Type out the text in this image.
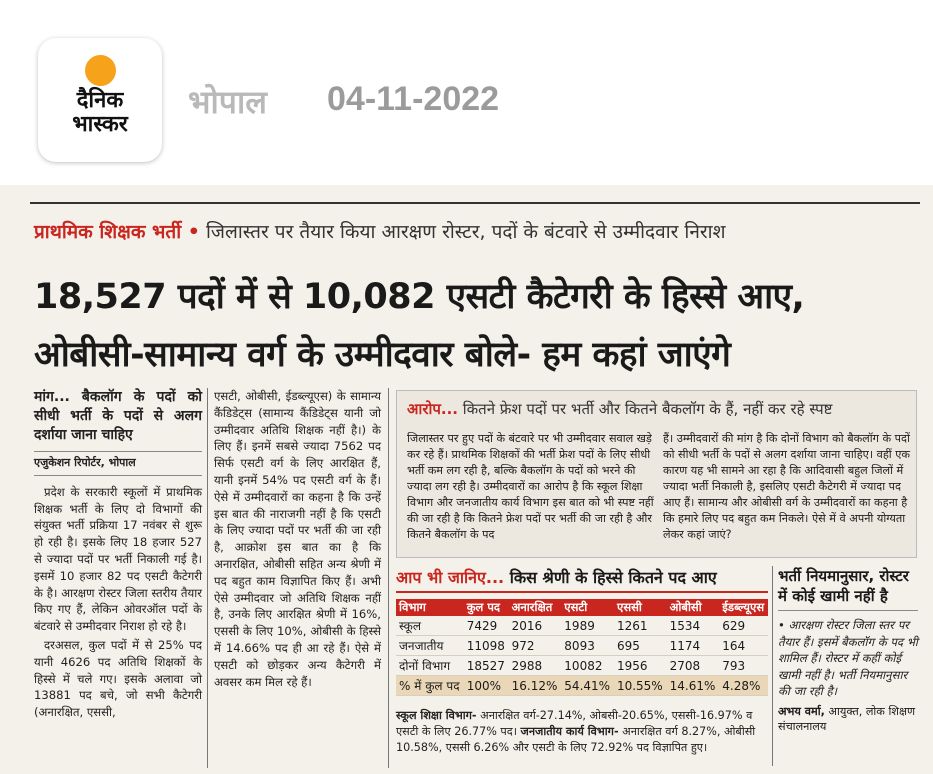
दैनिक
भास्कर
भोपाल 04-11-2022
प्राथमिक शिक्षक भर्ती • जिलास्तर पर तैयार किया आरक्षण रोस्टर, पदों के बंटवारे से उम्मीदवार निराश
18,527 पदों में से 10,082 एसटी कैटेगरी के हिस्से आए,
ओबीसी-सामान्य वर्ग के उम्मीदवार बोले- हम कहां जाएंगे
मांग... बैकलॉग के पदों को सीधी भर्ती के पदों से अलग दर्शाया जाना चाहिए
एजुकेशन रिपोर्टर, भोपाल

प्रदेश के सरकारी स्कूलों में प्राथमिक शिक्षक भर्ती के लिए दो विभागों की संयुक्त भर्ती प्रक्रिया 17 नवंबर से शुरू हो रही है। इसके लिए 18 हजार 527 से ज्यादा पदों पर भर्ती निकाली गई है। इसमें 10 हजार 82 पद एसटी कैटेगरी के है। आरक्षण रोस्टर जिला स्तरीय तैयार किए गए हैं, लेकिन ओवरऑल पदों के बंटवारे से उम्मीदवार निराश हो रहे है।

दरअसल, कुल पदों में से 25% पद यानी 4626 पद अतिथि शिक्षकों के हिस्से में चले गए। इसके अलावा जो 13881 पद बचे, जो सभी कैटेगरी (अनारक्षित, एससी,

एसटी, ओबीसी, ईडब्ल्यूएस) के सामान्य कैंडिडेट्स (सामान्य कैंडिडेट्स यानी जो उम्मीदवार अतिथि शिक्षक नहीं है।) के लिए हैं। इनमें सबसे ज्यादा 7562 पद सिर्फ एसटी वर्ग के लिए आरक्षित हैं, यानी इनमें 54% पद एसटी वर्ग के हैं। ऐसे में उम्मीदवारों का कहना है कि उन्हें इस बात की नाराजगी नहीं है कि एसटी के लिए ज्यादा पदों पर भर्ती की जा रही है, आक्रोश इस बात का है कि अनारक्षित, ओबीसी सहित अन्य श्रेणी में पद बहुत काम विज्ञापित किए हैं। अभी ऐसे उम्मीदवार जो अतिथि शिक्षक नहीं है, उनके लिए आरक्षित श्रेणी में 16%, एससी के लिए 10%, ओबीसी के हिस्से में 14.66% पद ही आ रहे हैं। ऐसे में एसटी को छोड़कर अन्य कैटेगरी में अवसर कम मिल रहे हैं।

आरोप... कितने फ्रेश पदों पर भर्ती और कितने बैकलॉग के हैं, नहीं कर रहे स्पष्ट
जिलास्तर पर हुए पदों के बंटवारे पर भी उम्मीदवार सवाल खड़े कर रहे हैं। प्राथमिक शिक्षकों की भर्ती फ्रेश पदों के लिए सीधी भर्ती कम लग रही है, बल्कि बैकलॉग के पदों को भरने की ज्यादा लग रही है। उम्मीदवारों का आरोप है कि स्कूल शिक्षा विभाग और जनजातीय कार्य विभाग इस बात को भी स्पष्ट नहीं की जा रही है कि कितने फ्रेश पदों पर भर्ती की जा रही है और कितने बैकलॉग के पद
हैं। उम्मीदवारों की मांग है कि दोनों विभाग को बैकलॉग के पदों को सीधी भर्ती के पदों से अलग दर्शाया जाना चाहिए। वहीं एक कारण यह भी सामने आ रहा है कि आदिवासी बहुल जिलों में ज्यादा भर्ती निकाली है, इसलिए एसटी कैटेगरी में ज्यादा पद आए हैं। सामान्य और ओबीसी वर्ग के उम्मीदवारों का कहना है कि हमारे लिए पद बहुत कम निकले। ऐसे में वे अपनी योग्यता लेकर कहां जाएं?
आप भी जानिए... किस श्रेणी के हिस्से कितने पद आए
विभाग	कुल पद	अनारक्षित	एसटी	एससी	ओबीसी	ईडब्ल्यूएस
स्कूल	7429	2016	1989	1261	1534	629
जनजातीय	11098	972	8093	695	1174	164
दोनों विभाग	18527	2988	10082	1956	2708	793
% में कुल पद	100%	16.12%	54.41%	10.55%	14.61%	4.28%
स्कूल शिक्षा विभाग- अनारक्षित वर्ग-27.14%, ओबसी-20.65%, एससी-16.97% व एसटी के लिए 26.77% पद। जनजातीय कार्य विभाग- अनारक्षित वर्ग 8.27%, ओबीसी 10.58%, एससी 6.26% और एसटी के लिए 72.92% पद विज्ञापित हुए।
भर्ती नियमानुसार, रोस्टर में कोई खामी नहीं है
• आरक्षण रोस्टर जिला स्तर पर तैयार हैं। इसमें बैकलॉग के पद भी शामिल हैं। रोस्टर में कहीं कोई खामी नहीं है। भर्ती नियमानुसार की जा रही है।
अभय वर्मा, आयुक्त, लोक शिक्षण संचालनालय
